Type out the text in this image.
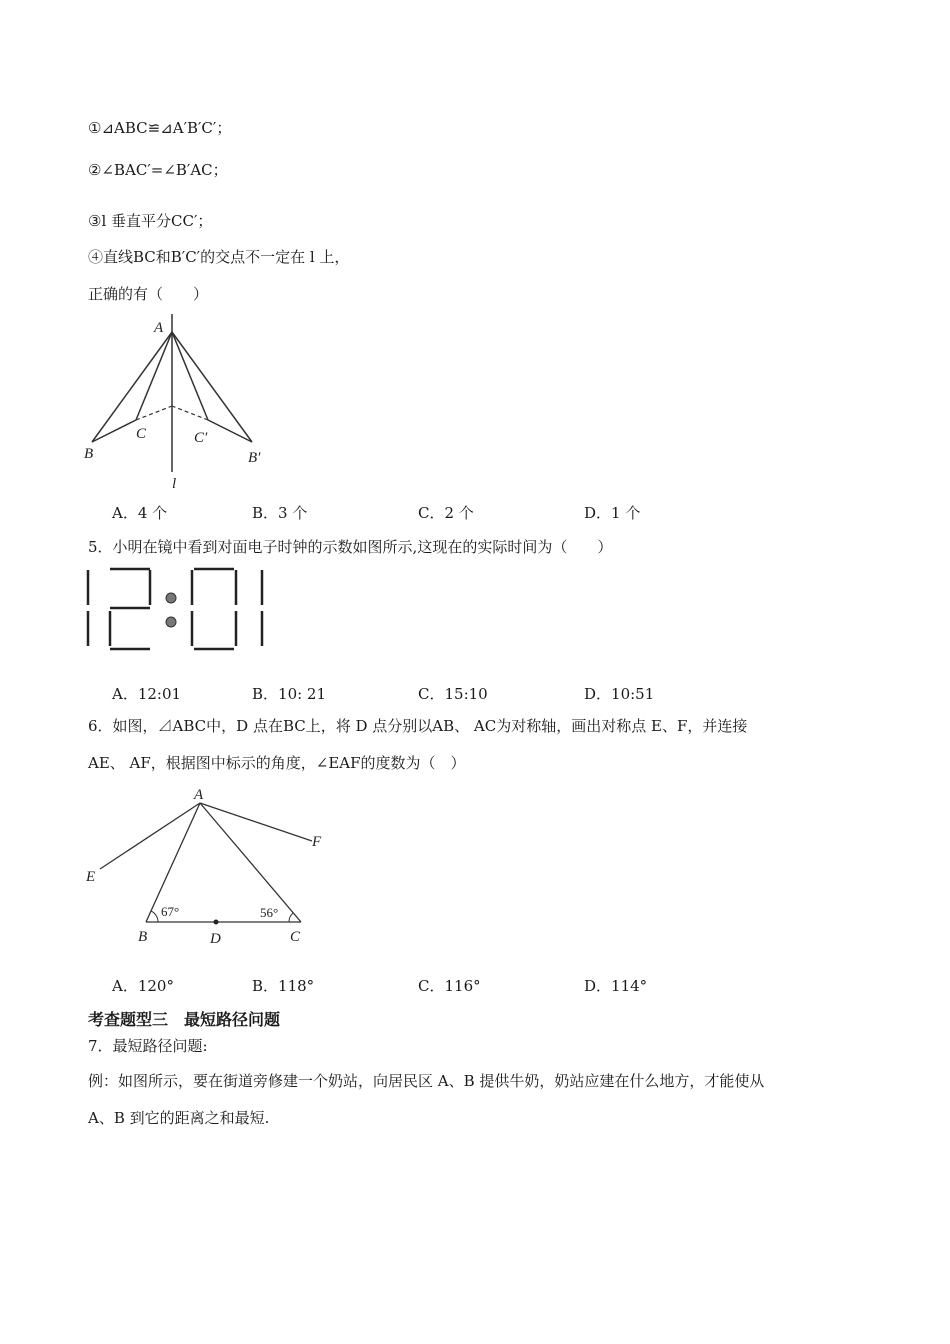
①⊿ABC≌⊿A′B′C′；
②∠BAC′=∠B′AC；
③l 垂直平分CC′；
④直线BC和B′C′的交点不一定在 l 上，
正确的有（　　）
A
B
C	C′
B′
l
A．4 个	B．3 个	C．2 个	D．1 个
5．小明在镜中看到对面电子时钟的示数如图所示,这现在的实际时间为（　　）
A．12:01	B．10: 21	C．15:10	D．10:51
6．如图，⊿ABC中，D 点在BC上，将 D 点分别以AB、 AC为对称轴，画出对称点 E、F，并连接
AE、 AF，根据图中标示的角度，∠EAF的度数为（　）
A
B	C
D
E
F
67°	56°
A．120°	B．118°	C．116°	D．114°
考查题型三　最短路径问题
7．最短路径问题:
例：如图所示，要在街道旁修建一个奶站，向居民区 A、B 提供牛奶，奶站应建在什么地方，才能使从
A、B 到它的距离之和最短.
